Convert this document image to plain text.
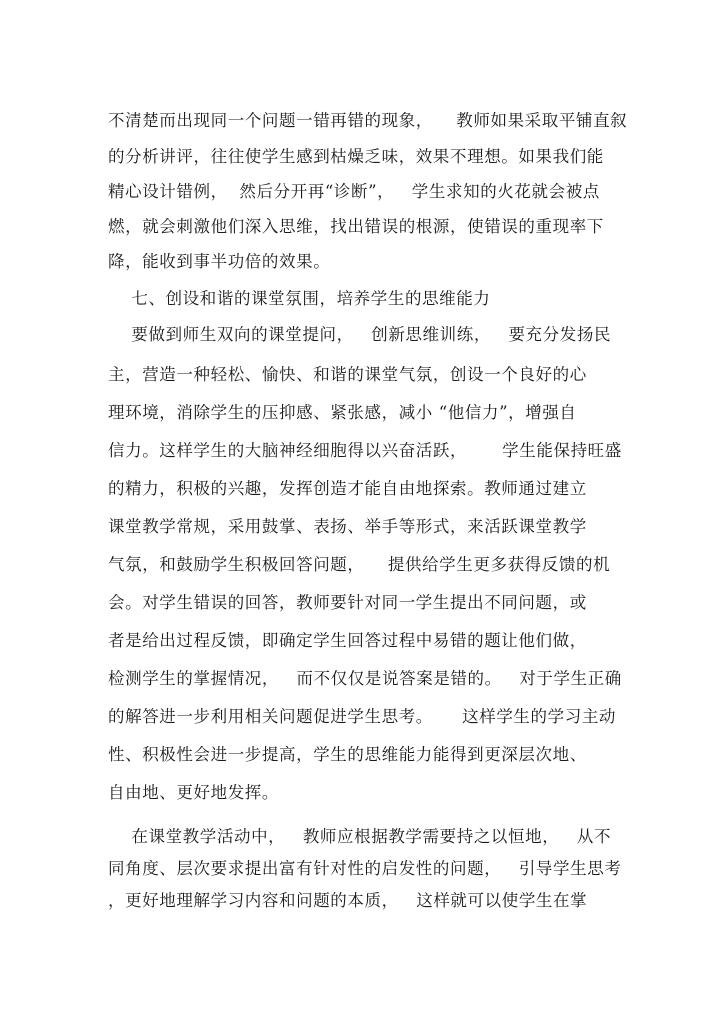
不清楚而出现同一个问题一错再错的现象，    教师如果采取平铺直叙
的分析讲评，往往使学生感到枯燥乏味，效果不理想。如果我们能
精心设计错例，  然后分开再“诊断”，   学生求知的火花就会被点
燃，就会刺激他们深入思维，找出错误的根源，使错误的重现率下
降，能收到事半功倍的效果。
七、创设和谐的课堂氛围，培养学生的思维能力
要做到师生双向的课堂提问，   创新思维训练，   要充分发扬民
主，营造一种轻松、愉快、和谐的课堂气氛，创设一个良好的心
理环境，消除学生的压抑感、紧张感，减小 “他信力”，增强自
信力。这样学生的大脑神经细胞得以兴奋活跃，      学生能保持旺盛
的精力，积极的兴趣，发挥创造才能自由地探索。教师通过建立
课堂教学常规，采用鼓掌、表扬、举手等形式，来活跃课堂教学
气氛，和鼓励学生积极回答问题，    提供给学生更多获得反馈的机
会。对学生错误的回答，教师要针对同一学生提出不同问题，或
者是给出过程反馈，即确定学生回答过程中易错的题让他们做，
检测学生的掌握情况，   而不仅仅是说答案是错的。   对于学生正确
的解答进一步利用相关问题促进学生思考。     这样学生的学习主动
性、积极性会进一步提高，学生的思维能力能得到更深层次地、
自由地、更好地发挥。
在课堂教学活动中，   教师应根据教学需要持之以恒地，   从不
同角度、层次要求提出富有针对性的启发性的问题，   引导学生思考
，更好地理解学习内容和问题的本质，   这样就可以使学生在掌
